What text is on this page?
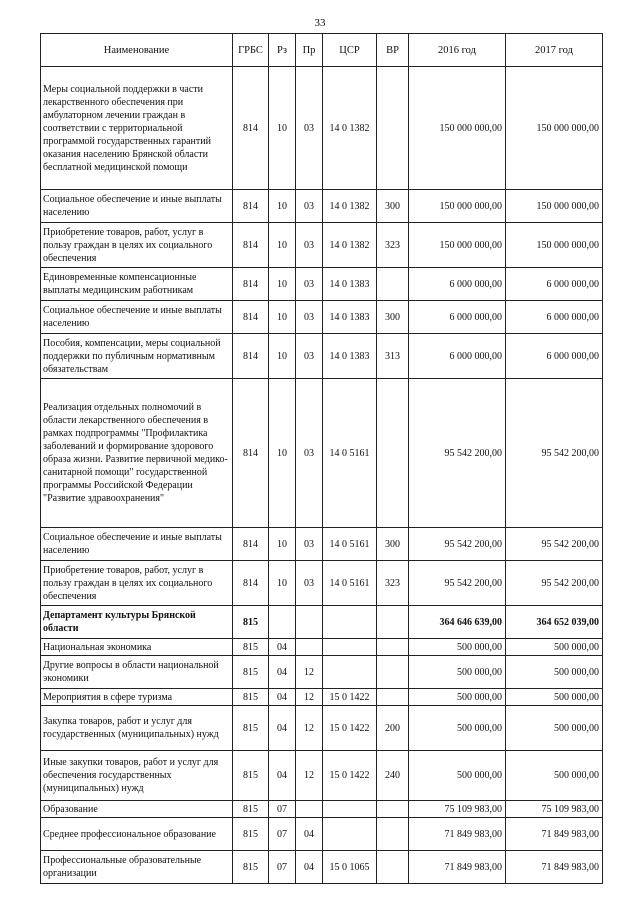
33
Наименование	ГРБС	Рз	Пр	ЦСР	ВР	2016 год	2017 год
Меры социальной поддержки в части лекарственного обеспечения при амбулаторном лечении граждан в соответствии с территориальной программой государственных гарантий оказания населению Брянской области бесплатной медицинской помощи	814	10	03	14 0 1382		150 000 000,00	150 000 000,00
Социальное обеспечение и иные выплаты населению	814	10	03	14 0 1382	300	150 000 000,00	150 000 000,00
Приобретение товаров, работ, услуг в пользу граждан в целях их социального обеспечения	814	10	03	14 0 1382	323	150 000 000,00	150 000 000,00
Единовременные компенсационные выплаты медицинским работникам	814	10	03	14 0 1383		6 000 000,00	6 000 000,00
Социальное обеспечение и иные выплаты населению	814	10	03	14 0 1383	300	6 000 000,00	6 000 000,00
Пособия, компенсации, меры социальной поддержки по публичным нормативным обязательствам	814	10	03	14 0 1383	313	6 000 000,00	6 000 000,00
Реализация отдельных полномочий в области лекарственного обеспечения в рамках подпрограммы "Профилактика заболеваний и формирование здорового образа жизни. Развитие первичной медико-санитарной помощи" государственной программы Российской Федерации "Развитие здравоохранения"	814	10	03	14 0 5161		95 542 200,00	95 542 200,00
Социальное обеспечение и иные выплаты населению	814	10	03	14 0 5161	300	95 542 200,00	95 542 200,00
Приобретение товаров, работ, услуг в пользу граждан в целях их социального обеспечения	814	10	03	14 0 5161	323	95 542 200,00	95 542 200,00
Департамент культуры Брянской области	815					364 646 639,00	364 652 039,00
Национальная экономика	815	04				500 000,00	500 000,00
Другие вопросы в области национальной экономики	815	04	12			500 000,00	500 000,00
Мероприятия в сфере туризма	815	04	12	15 0 1422		500 000,00	500 000,00
Закупка товаров, работ и услуг для государственных (муниципальных) нужд	815	04	12	15 0 1422	200	500 000,00	500 000,00
Иные закупки товаров, работ и услуг для обеспечения государственных (муниципальных) нужд	815	04	12	15 0 1422	240	500 000,00	500 000,00
Образование	815	07				75 109 983,00	75 109 983,00
Среднее профессиональное образование	815	07	04			71 849 983,00	71 849 983,00
Профессиональные образовательные организации	815	07	04	15 0 1065		71 849 983,00	71 849 983,00
